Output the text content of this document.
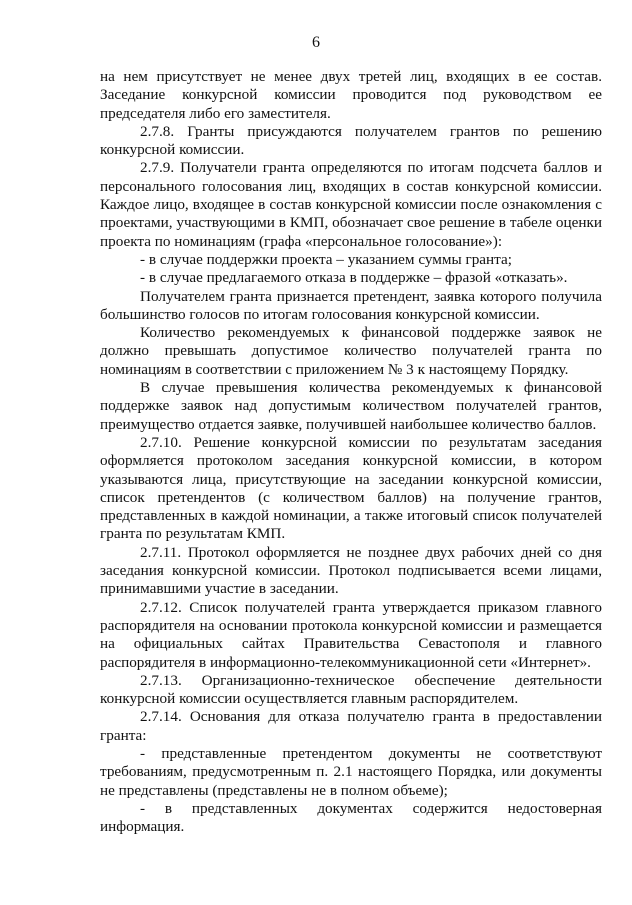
6

на нем присутствует не менее двух третей лиц, входящих в ее состав. Заседание конкурсной комиссии проводится под руководством ее председателя либо его заместителя.

2.7.8. Гранты присуждаются получателем грантов по решению конкурсной комиссии.

2.7.9. Получатели гранта определяются по итогам подсчета баллов и персонального голосования лиц, входящих в состав конкурсной комиссии. Каждое лицо, входящее в состав конкурсной комиссии после ознакомления с проектами, участвующими в КМП, обозначает свое решение в табеле оценки проекта по номинациям (графа «персональное голосование»):

- в случае поддержки проекта – указанием суммы гранта;

- в случае предлагаемого отказа в поддержке – фразой «отказать».

Получателем гранта признается претендент, заявка которого получила большинство голосов по итогам голосования конкурсной комиссии.

Количество рекомендуемых к финансовой поддержке заявок не должно превышать допустимое количество получателей гранта по номинациям в соответствии с приложением № 3 к настоящему Порядку.

В случае превышения количества рекомендуемых к финансовой поддержке заявок над допустимым количеством получателей грантов, преимущество отдается заявке, получившей наибольшее количество баллов.

2.7.10. Решение конкурсной комиссии по результатам заседания оформляется протоколом заседания конкурсной комиссии, в котором указываются лица, присутствующие на заседании конкурсной комиссии, список претендентов (с количеством баллов) на получение грантов, представленных в каждой номинации, а также итоговый список получателей гранта по результатам КМП.

2.7.11. Протокол оформляется не позднее двух рабочих дней со дня заседания конкурсной комиссии. Протокол подписывается всеми лицами, принимавшими участие в заседании.

2.7.12. Список получателей гранта утверждается приказом главного распорядителя на основании протокола конкурсной комиссии и размещается на официальных сайтах Правительства Севастополя и главного распорядителя в информационно-телекоммуникационной сети «Интернет».

2.7.13. Организационно-техническое обеспечение деятельности конкурсной комиссии осуществляется главным распорядителем.

2.7.14. Основания для отказа получателю гранта в предоставлении гранта:

- представленные претендентом документы не соответствуют требованиям, предусмотренным п. 2.1 настоящего Порядка, или документы не представлены (представлены не в полном объеме);

- в представленных документах содержится недостоверная информация.
